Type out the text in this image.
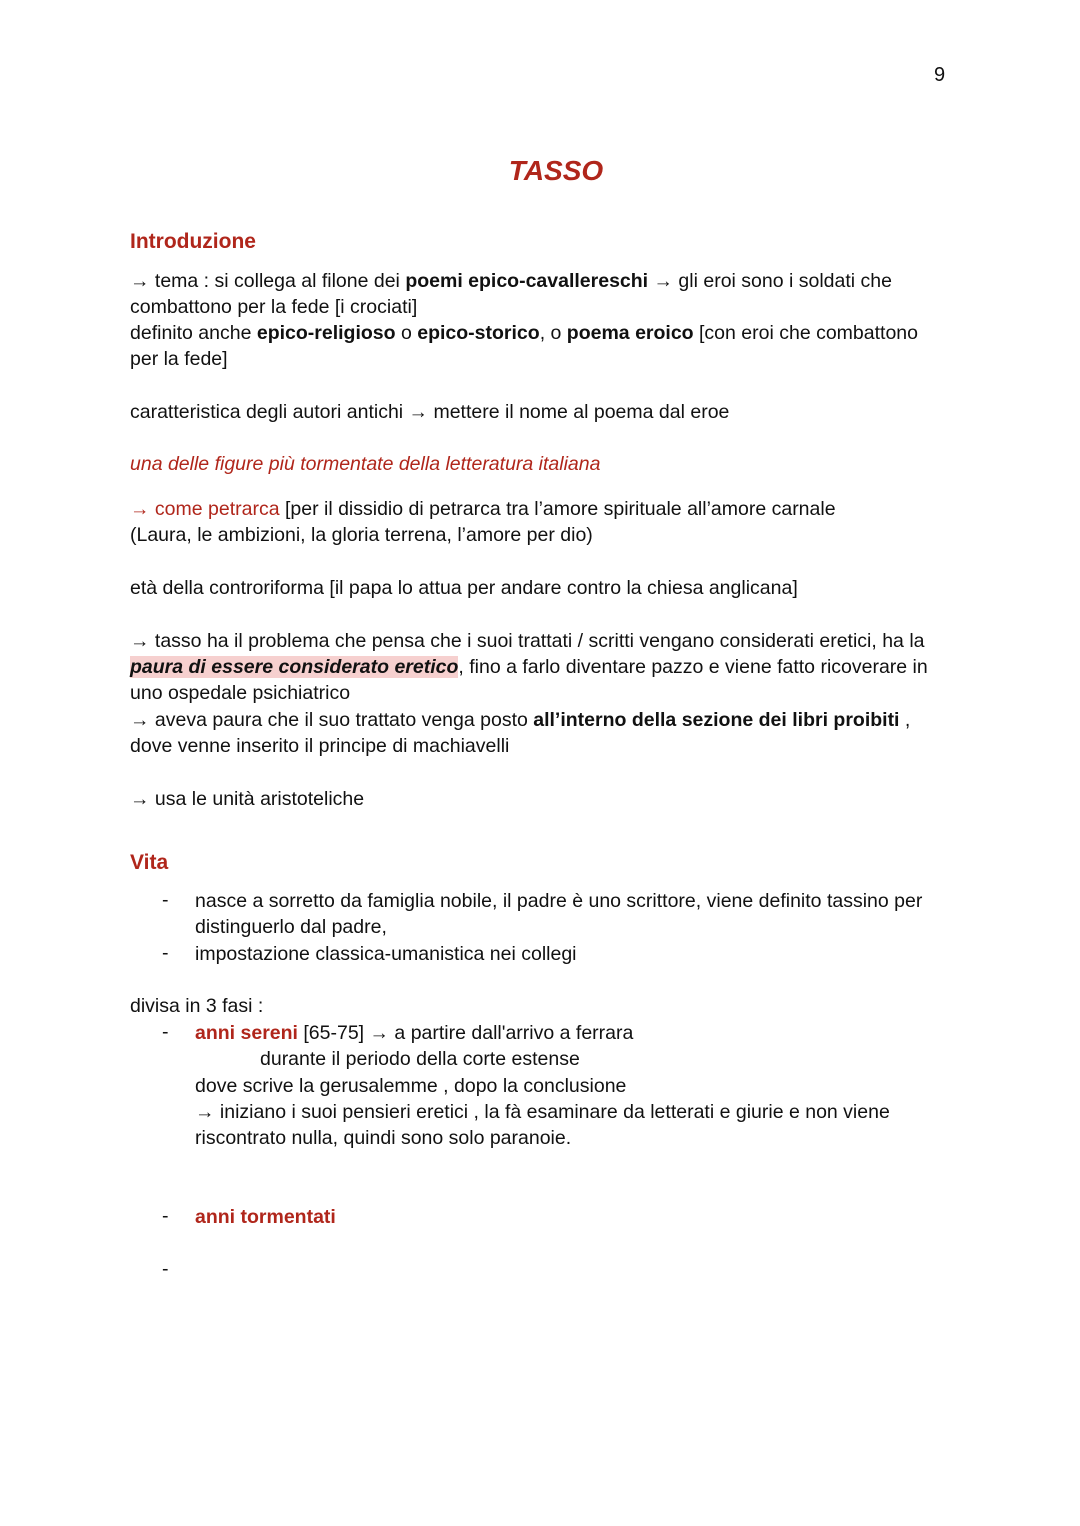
9
TASSO
Introduzione
→ tema : si collega al filone dei poemi epico-cavallereschi → gli eroi sono i soldati che
combattono per la fede [i crociati]
definito anche epico-religioso o epico-storico, o poema eroico [con eroi che combattono
per la fede]
caratteristica degli autori antichi → mettere il nome al poema dal eroe
una delle figure più tormentate della letteratura italiana
→ come petrarca [per il dissidio di petrarca tra l’amore spirituale all’amore carnale
(Laura, le ambizioni, la gloria terrena, l’amore per dio)
età della controriforma [il papa lo attua per andare contro la chiesa anglicana]
→ tasso ha il problema che pensa che i suoi trattati / scritti vengano considerati eretici, ha la
paura di essere considerato eretico, fino a farlo diventare pazzo e viene fatto ricoverare in
uno ospedale psichiatrico
→ aveva paura che il suo trattato venga posto all’interno della sezione dei libri proibiti ,
dove venne inserito il principe di machiavelli
→ usa le unità aristoteliche
Vita
- nasce a sorretto da famiglia nobile, il padre è uno scrittore, viene definito tassino per
distinguerlo dal padre,
- impostazione classica-umanistica nei collegi
divisa in 3 fasi :
- anni sereni [65-75] → a partire dall'arrivo a ferrara
durante il periodo della corte estense
dove scrive la gerusalemme , dopo la conclusione
→ iniziano i suoi pensieri eretici , la fà esaminare da letterati e giurie e non viene
riscontrato nulla, quindi sono solo paranoie.
- anni tormentati
-
